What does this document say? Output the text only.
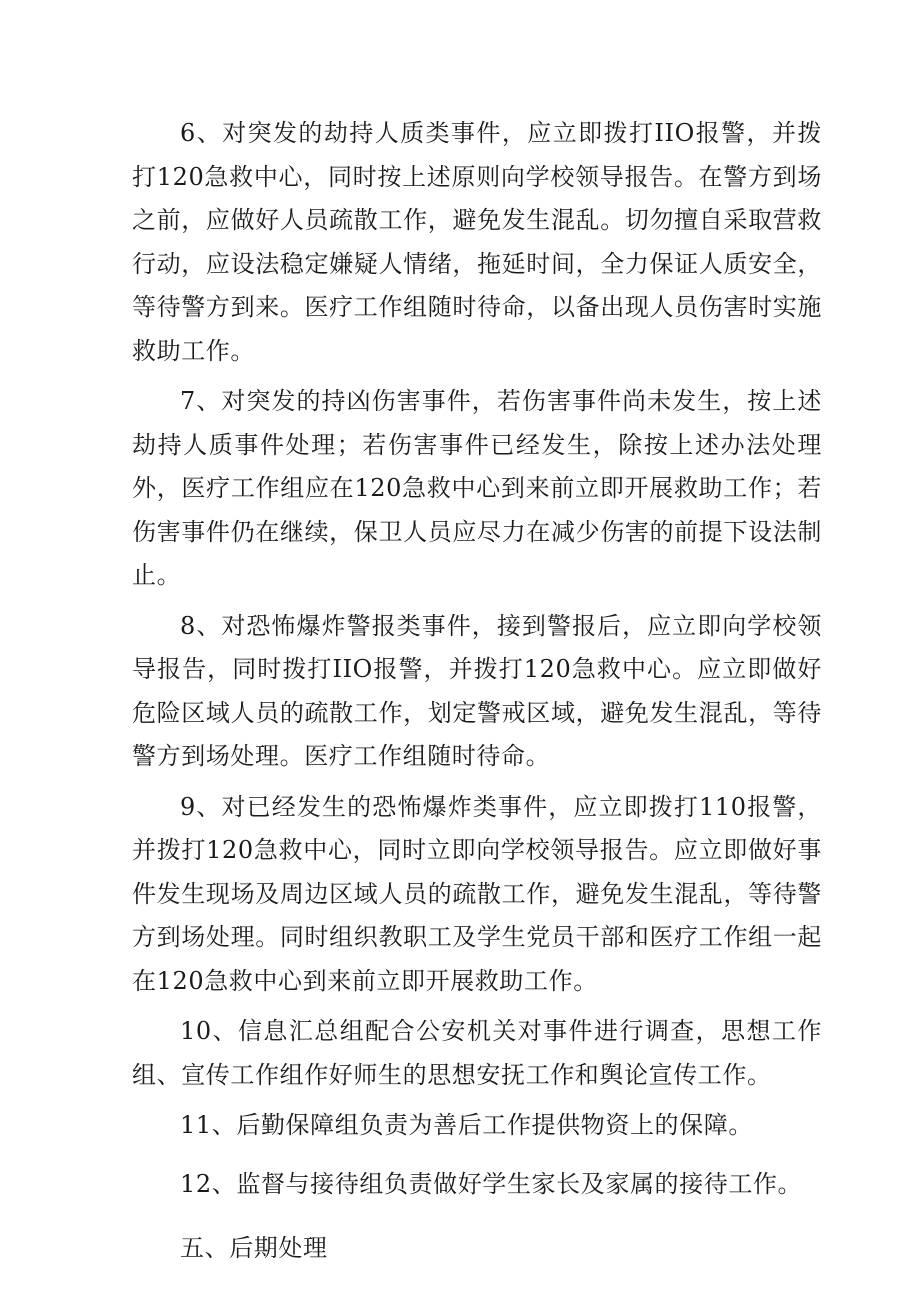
6、对突发的劫持人质类事件，应立即拨打IIO报警，并拨打120急救中心，同时按上述原则向学校领导报告。在警方到场之前，应做好人员疏散工作，避免发生混乱。切勿擅自采取营救行动，应设法稳定嫌疑人情绪，拖延时间，全力保证人质安全，等待警方到来。医疗工作组随时待命，以备出现人员伤害时实施救助工作。

7、对突发的持凶伤害事件，若伤害事件尚未发生，按上述劫持人质事件处理；若伤害事件已经发生，除按上述办法处理外，医疗工作组应在120急救中心到来前立即开展救助工作；若伤害事件仍在继续，保卫人员应尽力在减少伤害的前提下设法制止。

8、对恐怖爆炸警报类事件，接到警报后，应立即向学校领导报告，同时拨打IIO报警，并拨打120急救中心。应立即做好危险区域人员的疏散工作，划定警戒区域，避免发生混乱，等待警方到场处理。医疗工作组随时待命。

9、对已经发生的恐怖爆炸类事件，应立即拨打110报警，并拨打120急救中心，同时立即向学校领导报告。应立即做好事件发生现场及周边区域人员的疏散工作，避免发生混乱，等待警方到场处理。同时组织教职工及学生党员干部和医疗工作组一起在120急救中心到来前立即开展救助工作。

10、信息汇总组配合公安机关对事件进行调查，思想工作组、宣传工作组作好师生的思想安抚工作和舆论宣传工作。

11、后勤保障组负责为善后工作提供物资上的保障。

12、监督与接待组负责做好学生家长及家属的接待工作。

五、后期处理
